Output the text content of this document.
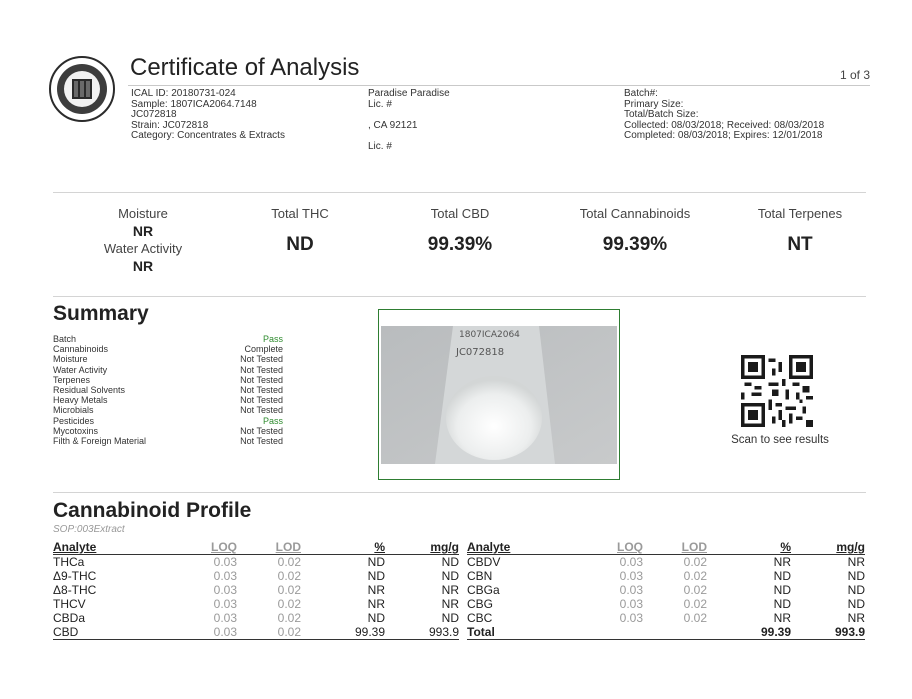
Certificate of Analysis	1 of 3
ICAL ID: 20180731-024
Sample: 1807ICA2064.7148
JC072818
Strain: JC072818
Category: Concentrates & Extracts
Paradise Paradise
Lic. #
, CA 92121
Lic. #
Batch#:
Primary Size:
Total/Batch Size:
Collected: 08/03/2018; Received: 08/03/2018
Completed: 08/03/2018; Expires: 12/01/2018
Moisture
NR
Water Activity
NR
Total THC
ND
Total CBD
99.39%
Total Cannabinoids
99.39%
Total Terpenes
NT
Summary
Batch	Pass
Cannabinoids	Complete
Moisture	Not Tested
Water Activity	Not Tested
Terpenes	Not Tested
Residual Solvents	Not Tested
Heavy Metals	Not Tested
Microbials	Not Tested
Pesticides	Pass
Mycotoxins	Not Tested
Filth & Foreign Material	Not Tested
1807ICA2064
JC072818
Scan to see results
Cannabinoid Profile
SOP:003Extract
Analyte	LOQ	LOD	%	mg/g
THCa	0.03	0.02	ND	ND
Δ9-THC	0.03	0.02	ND	ND
Δ8-THC	0.03	0.02	NR	NR
THCV	0.03	0.02	NR	NR
CBDa	0.03	0.02	ND	ND
CBD	0.03	0.02	99.39	993.9
Analyte	LOQ	LOD	%	mg/g
CBDV	0.03	0.02	NR	NR
CBN	0.03	0.02	ND	ND
CBGa	0.03	0.02	ND	ND
CBG	0.03	0.02	ND	ND
CBC	0.03	0.02	NR	NR
Total			99.39	993.9
